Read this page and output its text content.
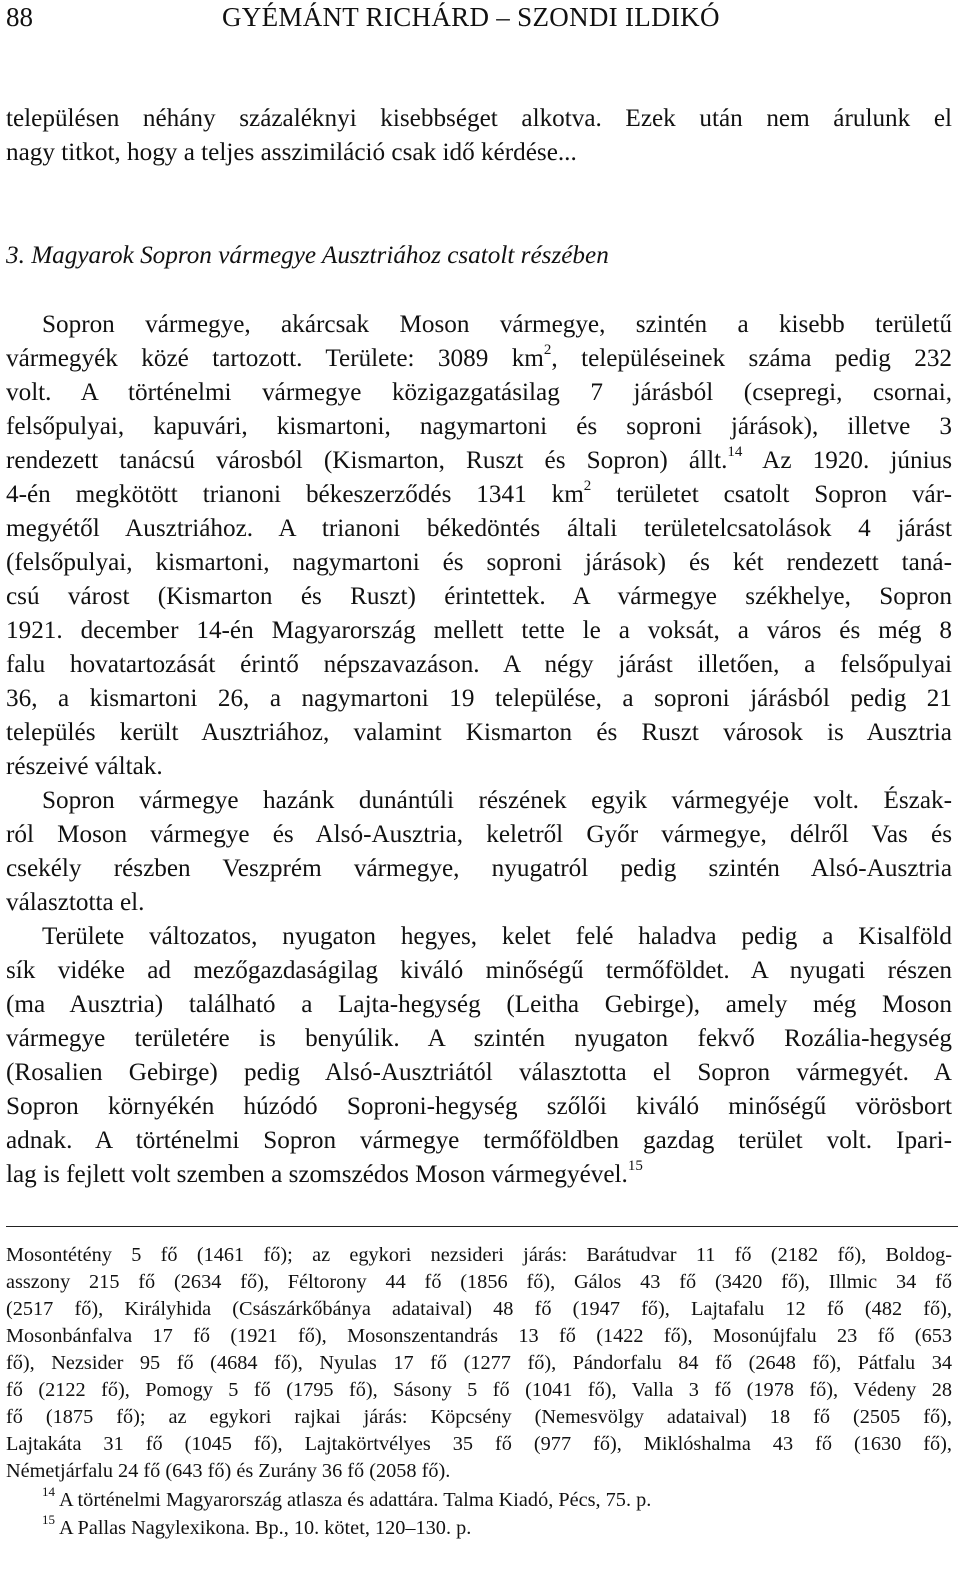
88	GYÉMÁNT RICHÁRD – SZONDI ILDIKÓ
településen néhány százaléknyi kisebbséget alkotva. Ezek után nem árulunk el
nagy titkot, hogy a teljes asszimiláció csak idő kérdése...
3. Magyarok Sopron vármegye Ausztriához csatolt részében
Sopron vármegye, akárcsak Moson vármegye, szintén a kisebb területű
vármegyék közé tartozott. Területe: 3089 $km^2$, településeinek száma pedig 232
volt. A történelmi vármegye közigazgatásilag 7 járásból (csepregi, csornai,
felsőpulyai, kapuvári, kismartoni, nagymartoni és soproni járások), illetve 3
rendezett tanácsú városból (Kismarton, Ruszt és Sopron) állt.$^{14}$ Az 1920. június
4-én megkötött trianoni békeszerződés 1341 $km^2$ területet csatolt Sopron vár-
megyétől Ausztriához. A trianoni békedöntés általi területelcsatolások 4 járást
(felsőpulyai, kismartoni, nagymartoni és soproni járások) és két rendezett taná-
csú várost (Kismarton és Ruszt) érintettek. A vármegye székhelye, Sopron
1921. december 14-én Magyarország mellett tette le a voksát, a város és még 8
falu hovatartozását érintő népszavazáson. A négy járást illetően, a felsőpulyai
36, a kismartoni 26, a nagymartoni 19 települése, a soproni járásból pedig 21
település került Ausztriához, valamint Kismarton és Ruszt városok is Ausztria
részeivé váltak.
Sopron vármegye hazánk dunántúli részének egyik vármegyéje volt. Észak-
ról Moson vármegye és Alsó-Ausztria, keletről Győr vármegye, délről Vas és
csekély részben Veszprém vármegye, nyugatról pedig szintén Alsó-Ausztria
választotta el.
Területe változatos, nyugaton hegyes, kelet felé haladva pedig a Kisalföld
sík vidéke ad mezőgazdaságilag kiváló minőségű termőföldet. A nyugati részen
(ma Ausztria) található a Lajta-hegység (Leitha Gebirge), amely még Moson
vármegye területére is benyúlik. A szintén nyugaton fekvő Rozália-hegység
(Rosalien Gebirge) pedig Alsó-Ausztriától választotta el Sopron vármegyét. A
Sopron környékén húzódó Soproni-hegység szőlői kiváló minőségű vörösbort
adnak. A történelmi Sopron vármegye termőföldben gazdag terület volt. Ipari-
lag is fejlett volt szemben a szomszédos Moson vármegyével.$^{15}$
Mosontétény 5 fő (1461 fő); az egykori nezsideri járás: Barátudvar 11 fő (2182 fő), Boldog-
asszony 215 fő (2634 fő), Féltorony 44 fő (1856 fő), Gálos 43 fő (3420 fő), Illmic 34 fő
(2517 fő), Királyhida (Császárkőbánya adataival) 48 fő (1947 fő), Lajtafalu 12 fő (482 fő),
Mosonbánfalva 17 fő (1921 fő), Mosonszentandrás 13 fő (1422 fő), Mosonújfalu 23 fő (653
fő), Nezsider 95 fő (4684 fő), Nyulas 17 fő (1277 fő), Pándorfalu 84 fő (2648 fő), Pátfalu 34
fő (2122 fő), Pomogy 5 fő (1795 fő), Sásony 5 fő (1041 fő), Valla 3 fő (1978 fő), Védeny 28
fő (1875 fő); az egykori rajkai járás: Köpcsény (Nemesvölgy adataival) 18 fő (2505 fő),
Lajtakáta 31 fő (1045 fő), Lajtakörtvélyes 35 fő (977 fő), Miklóshalma 43 fő (1630 fő),
Németjárfalu 24 fő (643 fő) és Zurány 36 fő (2058 fő).
$^{14}$ A történelmi Magyarország atlasza és adattára. Talma Kiadó, Pécs, 75. p.
$^{15}$ A Pallas Nagylexikona. Bp., 10. kötet, 120–130. p.
